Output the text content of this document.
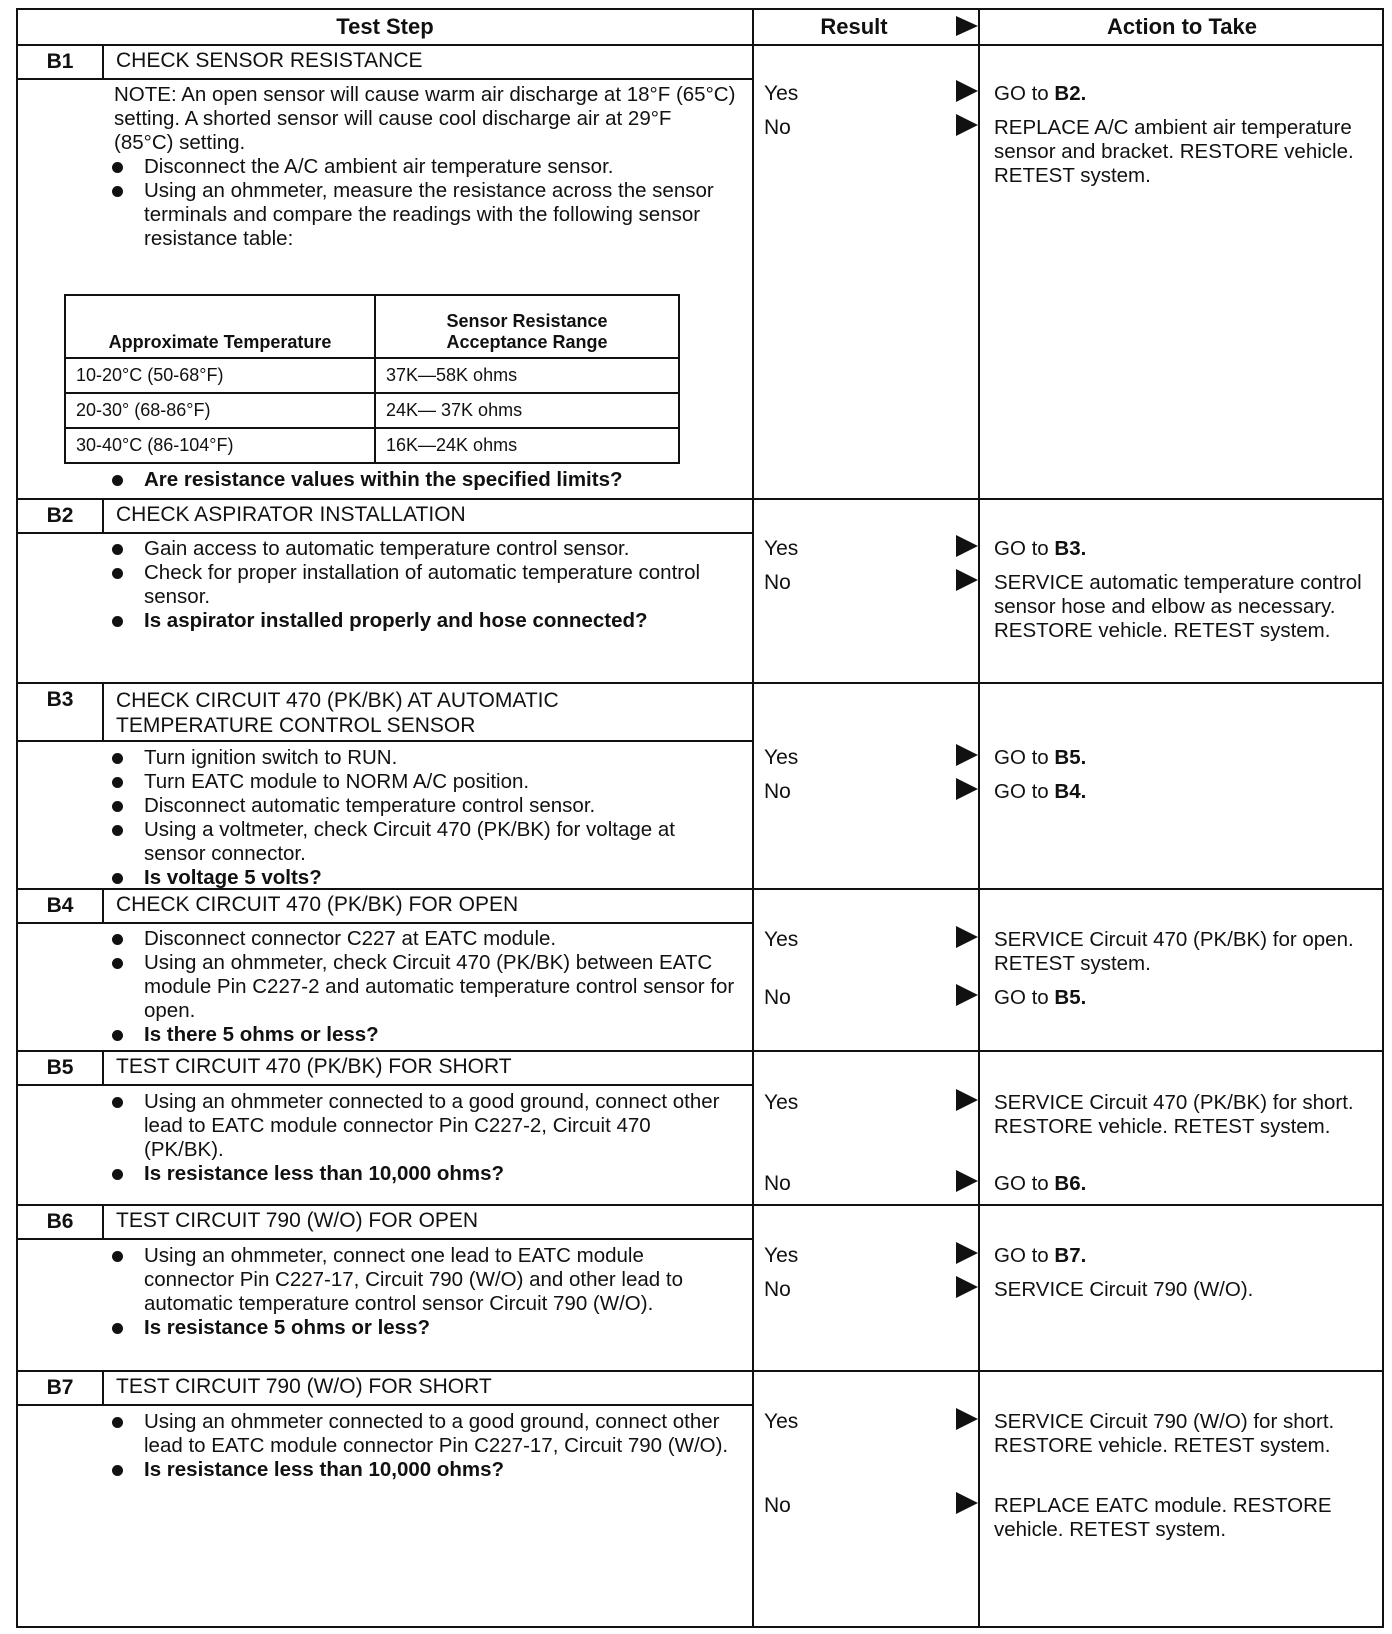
Test Step	Result	Action to Take
B1	CHECK SENSOR RESISTANCE

NOTE: An open sensor will cause warm air discharge at 18°F (65°C) setting. A shorted sensor will cause cool discharge air at 29°F (85°C) setting.

Disconnect the A/C ambient air temperature sensor.

Using an ohmmeter, measure the resistance across the sensor terminals and compare the readings with the following sensor resistance table:

Approximate Temperature	Sensor Resistance Acceptance Range
10-20°C (50-68°F)	37K—58K ohms
20-30° (68-86°F)	24K— 37K ohms
30-40°C (86-104°F)	16K—24K ohms

Are resistance values within the specified limits?

Yes	GO to B2.
No	REPLACE A/C ambient air temperature sensor and bracket. RESTORE vehicle. RETEST system.
B2	CHECK ASPIRATOR INSTALLATION

Gain access to automatic temperature control sensor.

Check for proper installation of automatic temperature control sensor.

Is aspirator installed properly and hose connected?

Yes	GO to B3.
No	SERVICE automatic temperature control sensor hose and elbow as necessary. RESTORE vehicle. RETEST system.
B3	CHECK CIRCUIT 470 (PK/BK) AT AUTOMATIC TEMPERATURE CONTROL SENSOR

Turn ignition switch to RUN.

Turn EATC module to NORM A/C position.

Disconnect automatic temperature control sensor.

Using a voltmeter, check Circuit 470 (PK/BK) for voltage at sensor connector.

Is voltage 5 volts?

Yes	GO to B5.
No	GO to B4.
B4	CHECK CIRCUIT 470 (PK/BK) FOR OPEN

Disconnect connector C227 at EATC module.

Using an ohmmeter, check Circuit 470 (PK/BK) between EATC module Pin C227-2 and automatic temperature control sensor for open.

Is there 5 ohms or less?

Yes	SERVICE Circuit 470 (PK/BK) for open. RETEST system.
No	GO to B5.
B5	TEST CIRCUIT 470 (PK/BK) FOR SHORT

Using an ohmmeter connected to a good ground, connect other lead to EATC module connector Pin C227-2, Circuit 470 (PK/BK).

Is resistance less than 10,000 ohms?

Yes	SERVICE Circuit 470 (PK/BK) for short. RESTORE vehicle. RETEST system.
No	GO to B6.
B6	TEST CIRCUIT 790 (W/O) FOR OPEN

Using an ohmmeter, connect one lead to EATC module connector Pin C227-17, Circuit 790 (W/O) and other lead to automatic temperature control sensor Circuit 790 (W/O).

Is resistance 5 ohms or less?

Yes	GO to B7.
No	SERVICE Circuit 790 (W/O).
B7	TEST CIRCUIT 790 (W/O) FOR SHORT

Using an ohmmeter connected to a good ground, connect other lead to EATC module connector Pin C227-17, Circuit 790 (W/O).

Is resistance less than 10,000 ohms?

Yes	SERVICE Circuit 790 (W/O) for short. RESTORE vehicle. RETEST system.
No	REPLACE EATC module. RESTORE vehicle. RETEST system.
